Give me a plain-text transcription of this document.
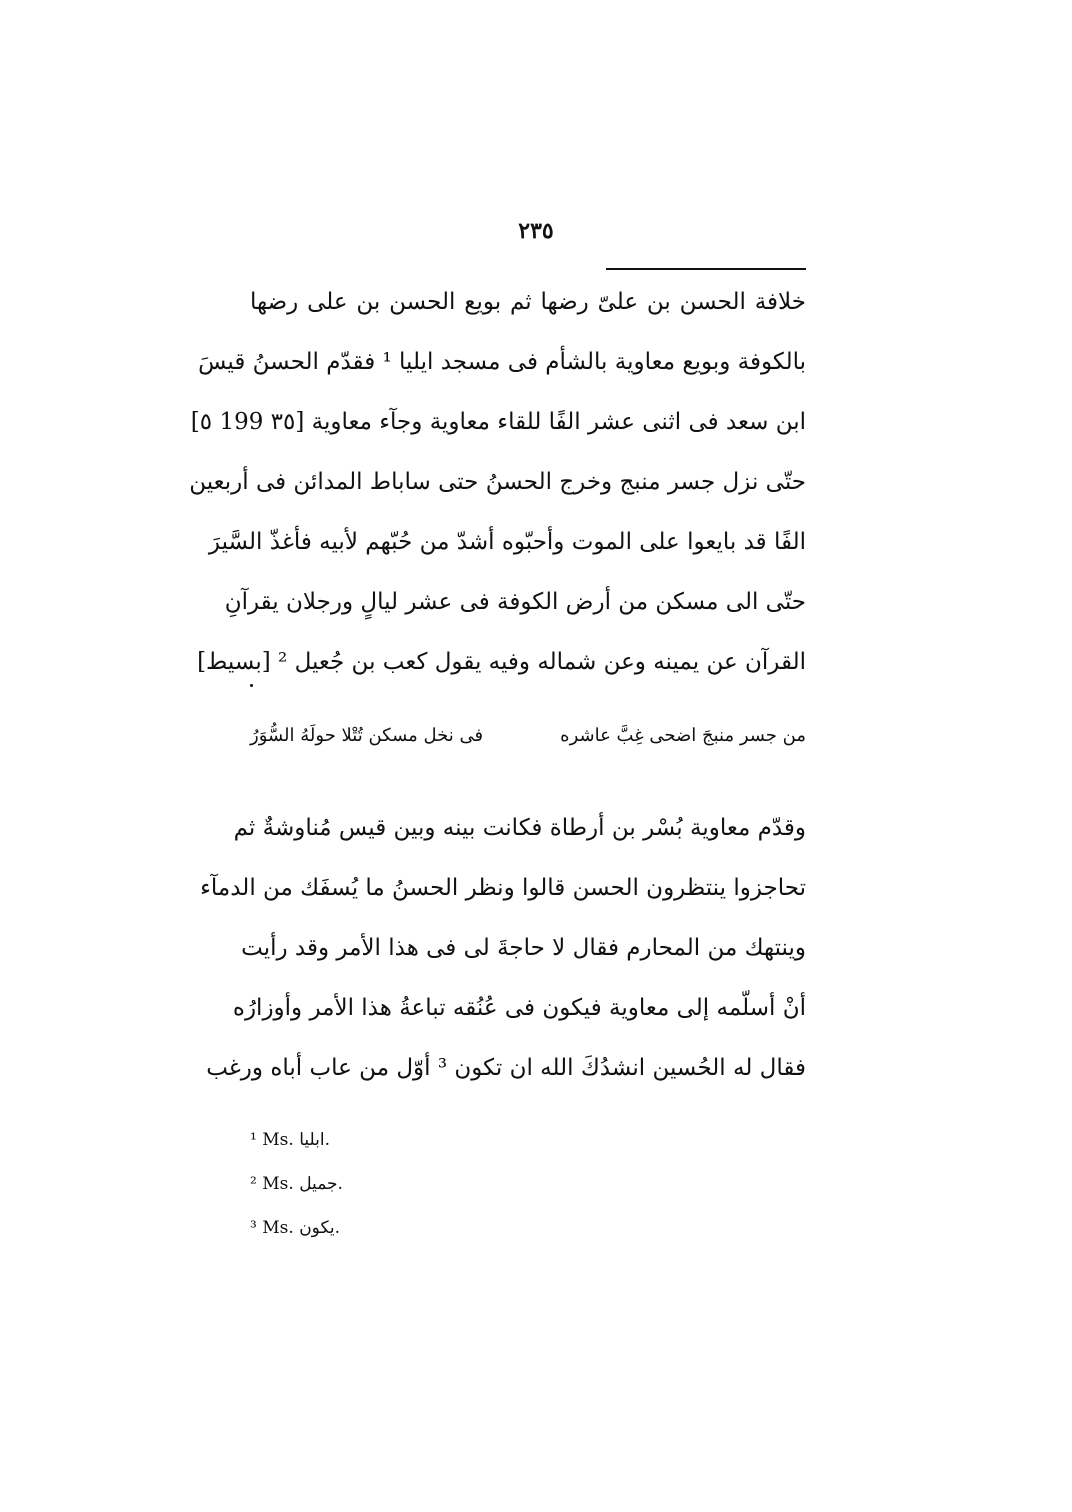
٢٣٥
خلافة الحسن بن علىّ رضها ثم بويع الحسن بن على رضها
بالكوفة وبويع معاوية بالشأم فى مسجد ايليا ¹ فقدّم الحسنُ قيسَ
ابن سعد فى اثنى عشر الفًا للقاء معاوية وجآء معاوية [٣٥ 199 ٥]
حتّى نزل جسر منبج وخرج الحسنُ حتى ساباط المدائن فى أربعين
الفًا قد بايعوا على الموت وأحبّوه أشدّ من حُبّهم لأبيه فأغذّ السَّيرَ
حتّى الى مسكن من أرض الكوفة فى عشر ليالٍ ورجلان يقرآنِ
القرآن عن يمينه وعن شماله وفيه يقول كعب بن جُعيل ² [بسيط]
من جسر منبجَ اضحى غِبَّ عاشره
فى نخل مسكن تُتْلا حولَهُ السُّوَرُ
وقدّم معاوية بُسْر بن أرطاة فكانت بينه وبين قيس مُناوشةٌ ثم
تحاجزوا ينتظرون الحسن قالوا ونظر الحسنُ ما يُسفَك من الدمآء
وينتهك من المحارم فقال لا حاجةَ لى فى هذا الأمر وقد رأيت
أنْ أسلّمه إلى معاوية فيكون فى عُنُقه تباعةُ هذا الأمر وأوزارُه
فقال له الحُسين انشدُكَ الله ان تكون ³ أوّل من عاب أباه ورغب
¹ Ms. ابليا.
² Ms. جميل.
³ Ms. يكون.
